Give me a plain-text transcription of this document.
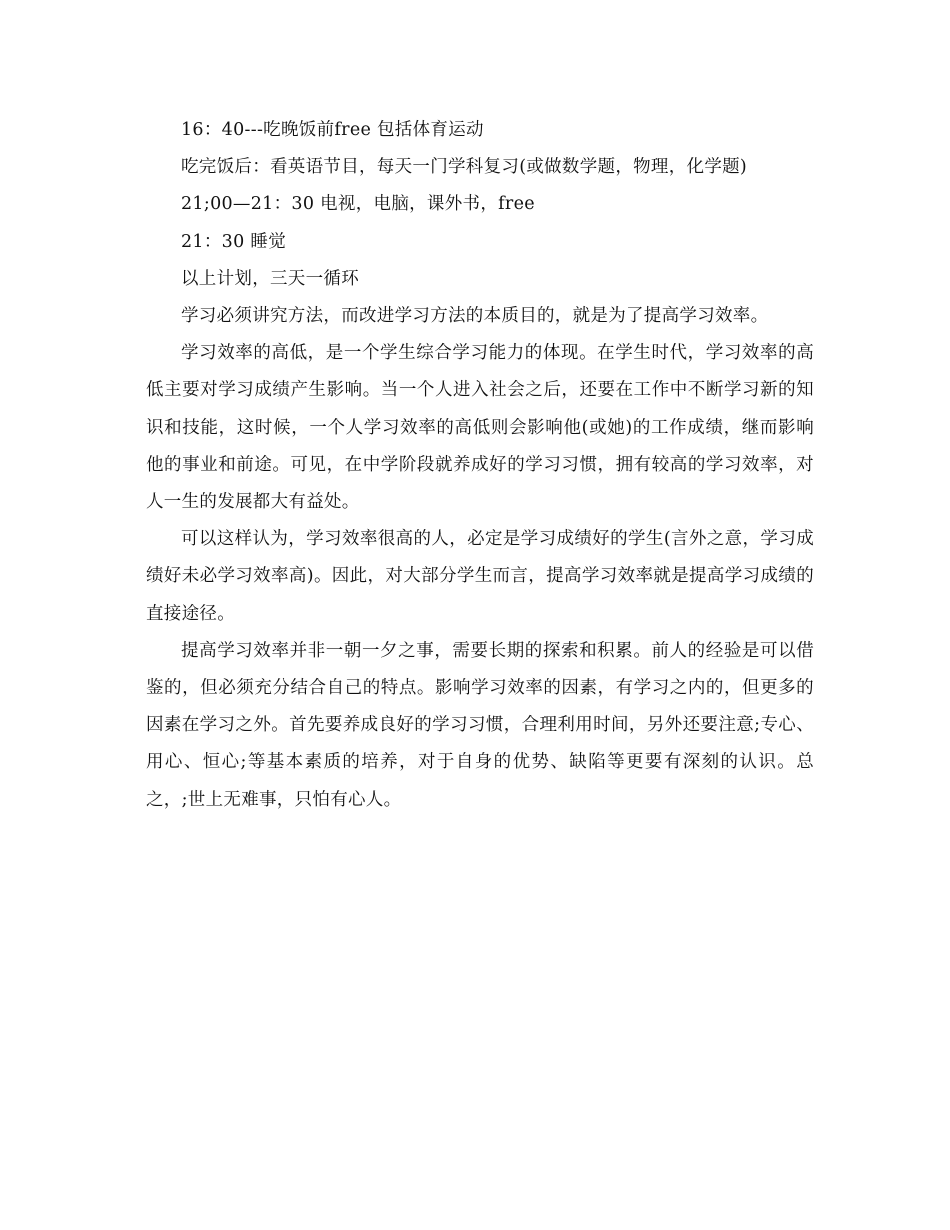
16：40---吃晚饭前free 包括体育运动

吃完饭后：看英语节目，每天一门学科复习(或做数学题，物理，化学题)

21;00—21：30 电视，电脑，课外书，free

21：30 睡觉

以上计划，三天一循环

学习必须讲究方法，而改进学习方法的本质目的，就是为了提高学习效率。

学习效率的高低，是一个学生综合学习能力的体现。在学生时代，学习效率的高低主要对学习成绩产生影响。当一个人进入社会之后，还要在工作中不断学习新的知识和技能，这时候，一个人学习效率的高低则会影响他(或她)的工作成绩，继而影响他的事业和前途。可见，在中学阶段就养成好的学习习惯，拥有较高的学习效率，对人一生的发展都大有益处。

可以这样认为，学习效率很高的人，必定是学习成绩好的学生(言外之意，学习成绩好未必学习效率高)。因此，对大部分学生而言，提高学习效率就是提高学习成绩的直接途径。

提高学习效率并非一朝一夕之事，需要长期的探索和积累。前人的经验是可以借鉴的，但必须充分结合自己的特点。影响学习效率的因素，有学习之内的，但更多的因素在学习之外。首先要养成良好的学习习惯，合理利用时间，另外还要注意;专心、用心、恒心;等基本素质的培养，对于自身的优势、缺陷等更要有深刻的认识。总之，;世上无难事，只怕有心人。
